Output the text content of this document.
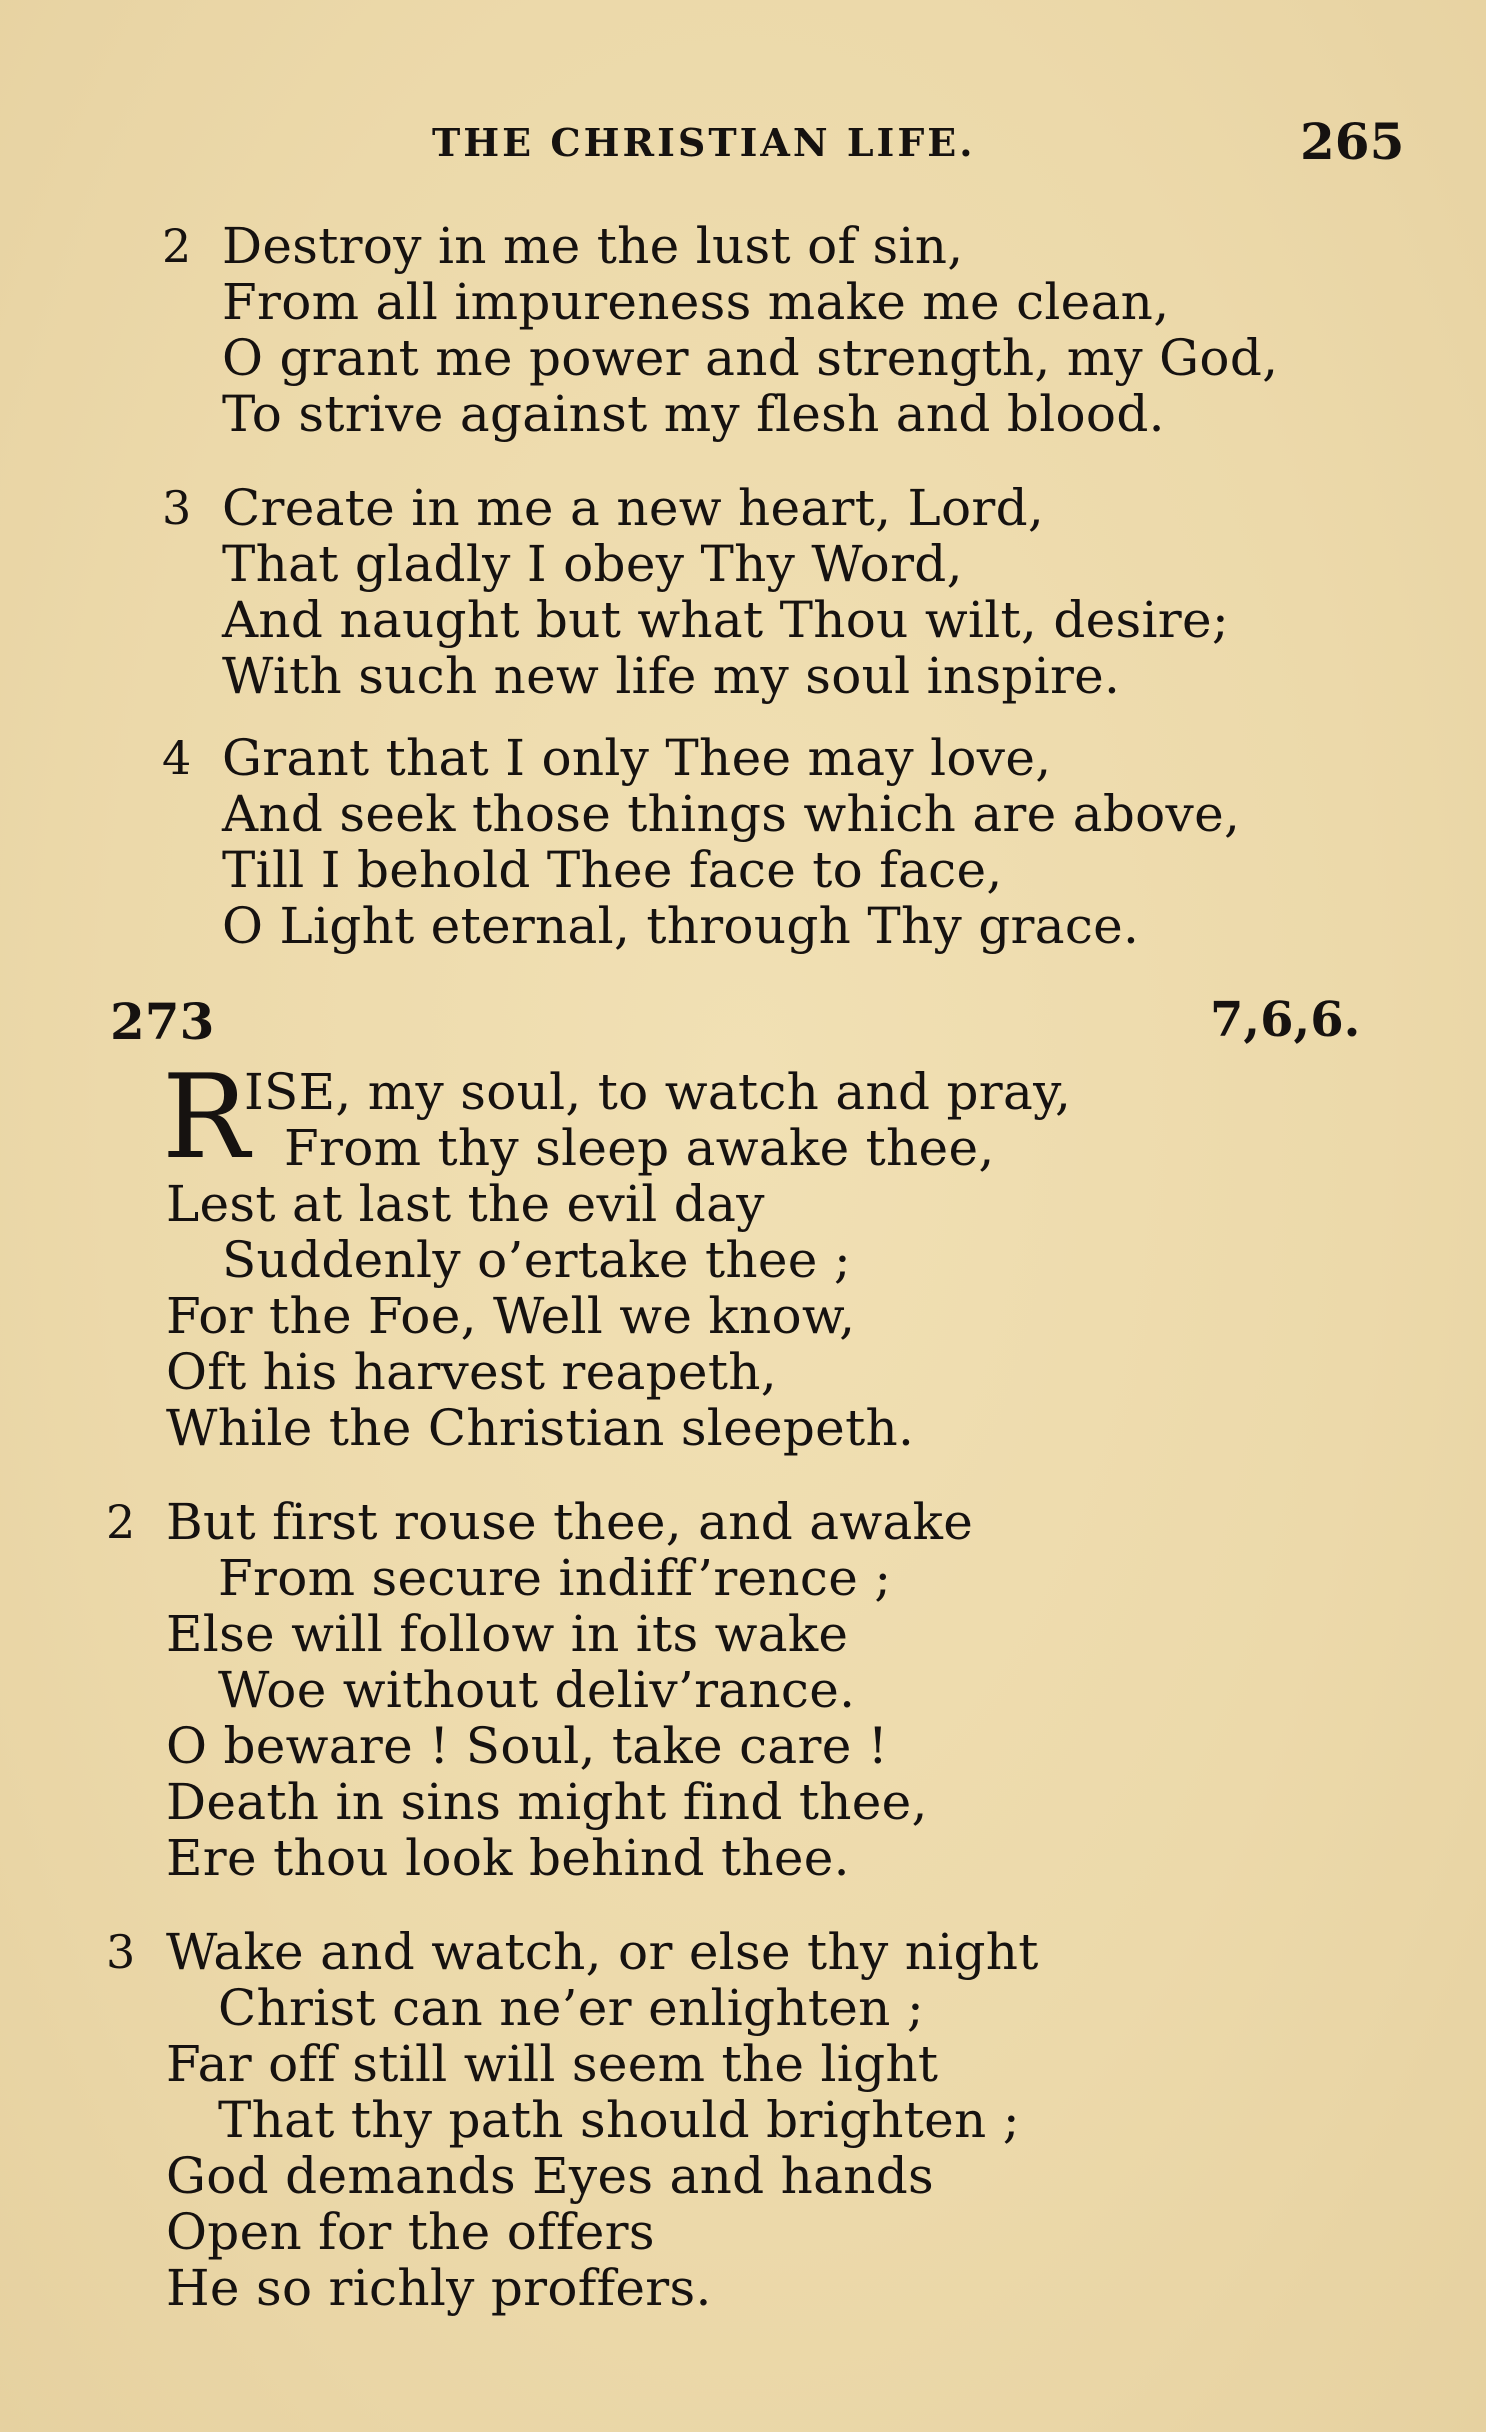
THE CHRISTIAN LIFE.	265
2 Destroy in me the lust of sin,
From all impureness make me clean,
O grant me power and strength, my God,
To strive against my flesh and blood.
3 Create in me a new heart, Lord,
That gladly I obey Thy Word,
And naught but what Thou wilt, desire;
With such new life my soul inspire.
4 Grant that I only Thee may love,
And seek those things which are above,
Till I behold Thee face to face,
O Light eternal, through Thy grace.
273	7,6,6.
R
ISE, my soul, to watch and pray,
From thy sleep awake thee,
Lest at last the evil day
Suddenly o’ertake thee ;
For the Foe, Well we know,
Oft his harvest reapeth,
While the Christian sleepeth.
2 But first rouse thee, and awake
From secure indiff’rence ;
Else will follow in its wake
Woe without deliv’rance.
O beware ! Soul, take care !
Death in sins might find thee,
Ere thou look behind thee.
3 Wake and watch, or else thy night
Christ can ne’er enlighten ;
Far off still will seem the light
That thy path should brighten ;
God demands Eyes and hands
Open for the offers
He so richly proffers.
